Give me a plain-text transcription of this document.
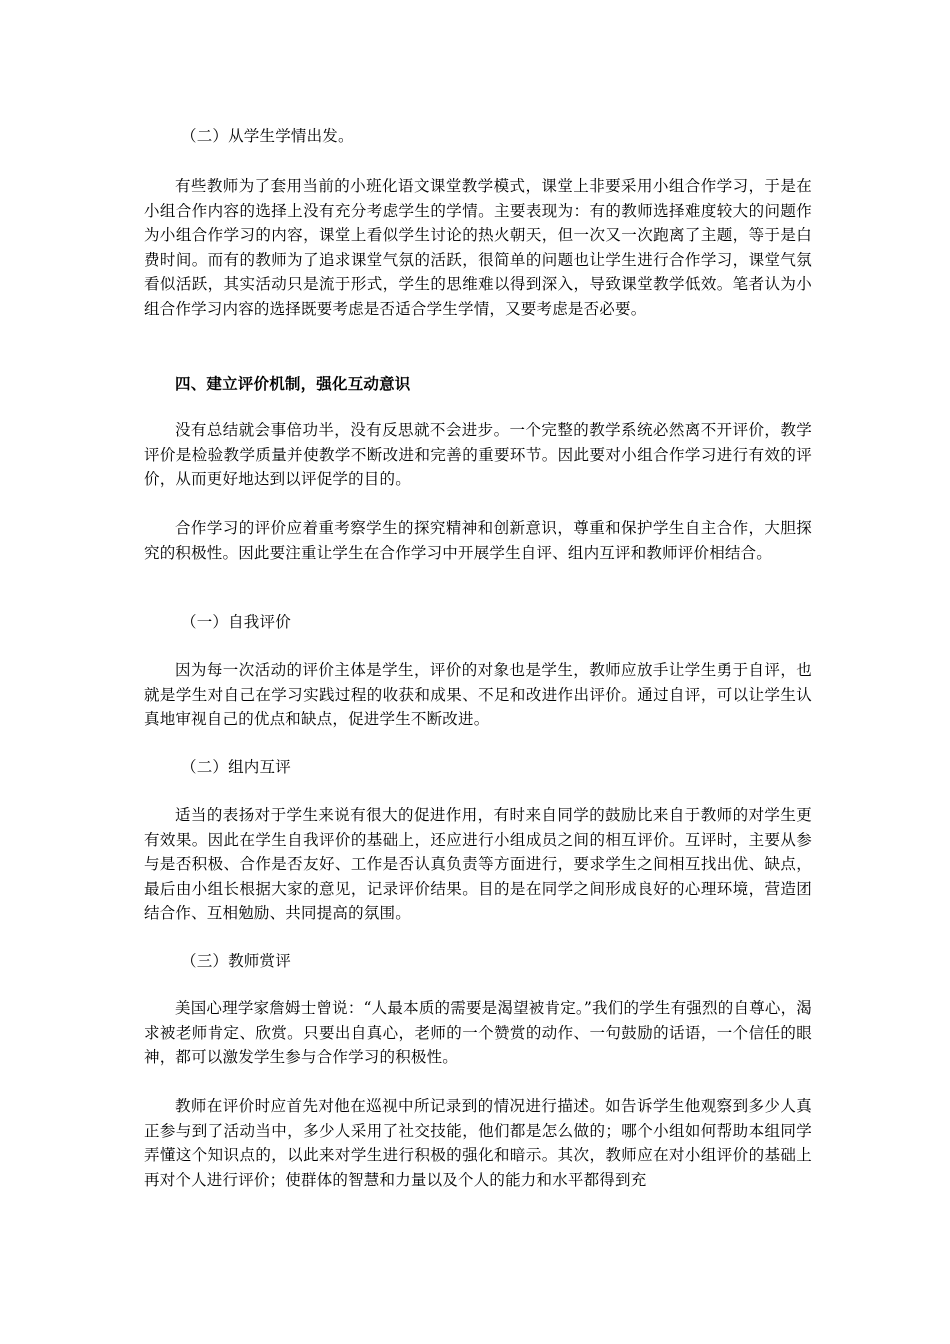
（二）从学生学情出发。
有些教师为了套用当前的小班化语文课堂教学模式，课堂上非要采用小组合作学习，于是在小组合作内容的选择上没有充分考虑学生的学情。主要表现为：有的教师选择难度较大的问题作为小组合作学习的内容，课堂上看似学生讨论的热火朝天，但一次又一次跑离了主题，等于是白费时间。而有的教师为了追求课堂气氛的活跃，很简单的问题也让学生进行合作学习，课堂气氛看似活跃，其实活动只是流于形式，学生的思维难以得到深入，导致课堂教学低效。笔者认为小组合作学习内容的选择既要考虑是否适合学生学情，又要考虑是否必要。
四、建立评价机制，强化互动意识
没有总结就会事倍功半，没有反思就不会进步。一个完整的教学系统必然离不开评价，教学评价是检验教学质量并使教学不断改进和完善的重要环节。因此要对小组合作学习进行有效的评价，从而更好地达到以评促学的目的。
合作学习的评价应着重考察学生的探究精神和创新意识，尊重和保护学生自主合作，大胆探究的积极性。因此要注重让学生在合作学习中开展学生自评、组内互评和教师评价相结合。
（一）自我评价
因为每一次活动的评价主体是学生，评价的对象也是学生，教师应放手让学生勇于自评，也就是学生对自己在学习实践过程的收获和成果、不足和改进作出评价。通过自评，可以让学生认真地审视自己的优点和缺点，促进学生不断改进。
（二）组内互评
适当的表扬对于学生来说有很大的促进作用，有时来自同学的鼓励比来自于教师的对学生更有效果。因此在学生自我评价的基础上，还应进行小组成员之间的相互评价。互评时，主要从参与是否积极、合作是否友好、工作是否认真负责等方面进行，要求学生之间相互找出优、缺点，最后由小组长根据大家的意见，记录评价结果。目的是在同学之间形成良好的心理环境，营造团结合作、互相勉励、共同提高的氛围。
（三）教师赏评
美国心理学家詹姆士曾说：“人最本质的需要是渴望被肯定。”我们的学生有强烈的自尊心，渴求被老师肯定、欣赏。只要出自真心，老师的一个赞赏的动作、一句鼓励的话语，一个信任的眼神，都可以激发学生参与合作学习的积极性。
教师在评价时应首先对他在巡视中所记录到的情况进行描述。如告诉学生他观察到多少人真正参与到了活动当中，多少人采用了社交技能，他们都是怎么做的；哪个小组如何帮助本组同学弄懂这个知识点的，以此来对学生进行积极的强化和暗示。其次，教师应在对小组评价的基础上再对个人进行评价；使群体的智慧和力量以及个人的能力和水平都得到充
